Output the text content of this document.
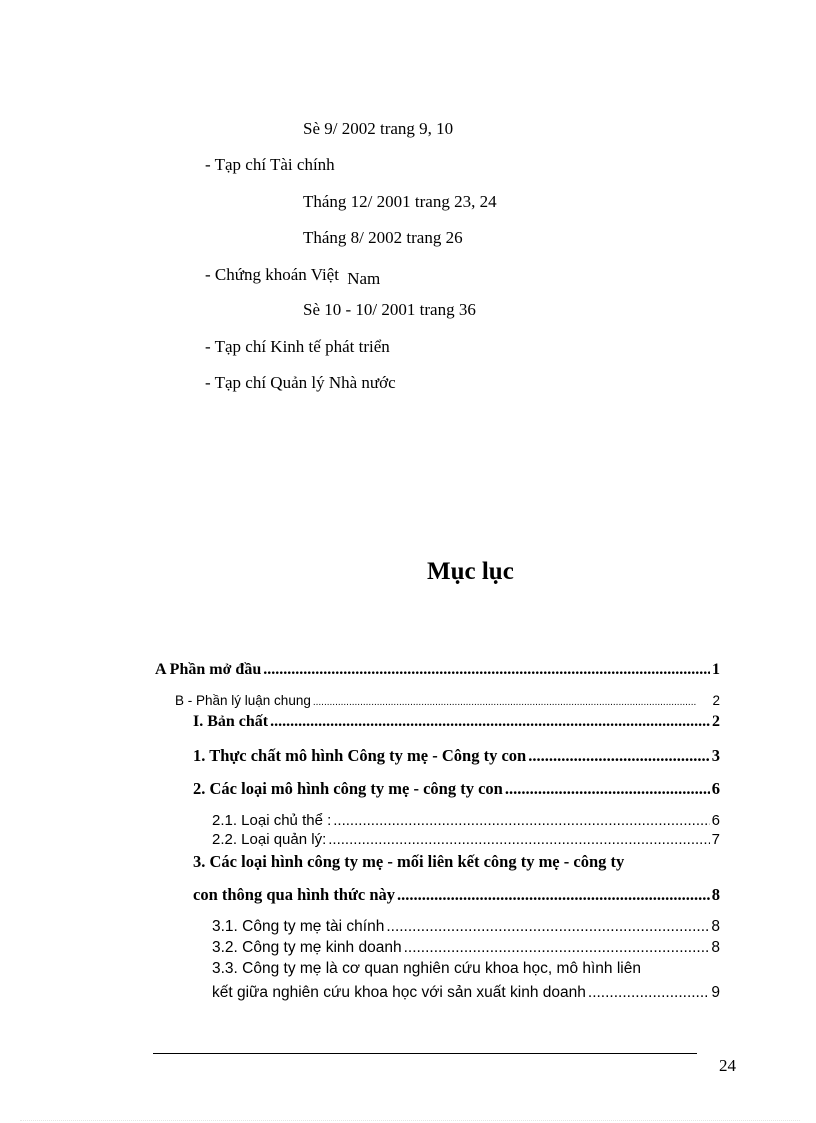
Sè 9/ 2002 trang 9, 10
- Tạp chí Tài chính
Tháng 12/ 2001 trang 23, 24
Tháng 8/ 2002 trang 26
- Chứng khoán Việt Nam
Sè 10 - 10/ 2001 trang 36
- Tạp chí Kinh tế phát triển
- Tạp chí Quản lý Nhà nước
Mục lục
A Phần mở đầu .....	1
B - Phần lý luận chung .....	2
I. Bản chất .....	2
1. Thực chất mô hình Công ty mẹ - Công ty con .....	3
2. Các loại mô hình công ty mẹ - công ty con .....	6
2.1. Loại chủ thể : .....	6
2.2. Loại quản lý: .....	7
3. Các loại hình công ty mẹ - mối liên kết công ty mẹ - công ty
con thông qua hình thức này .....	8
3.1. Công ty mẹ tài chính .....	8
3.2. Công ty mẹ kinh doanh .....	8
3.3. Công ty mẹ là cơ quan nghiên cứu khoa học, mô hình liên
kết giữa nghiên cứu khoa học với sản xuất kinh doanh .....	9
24
